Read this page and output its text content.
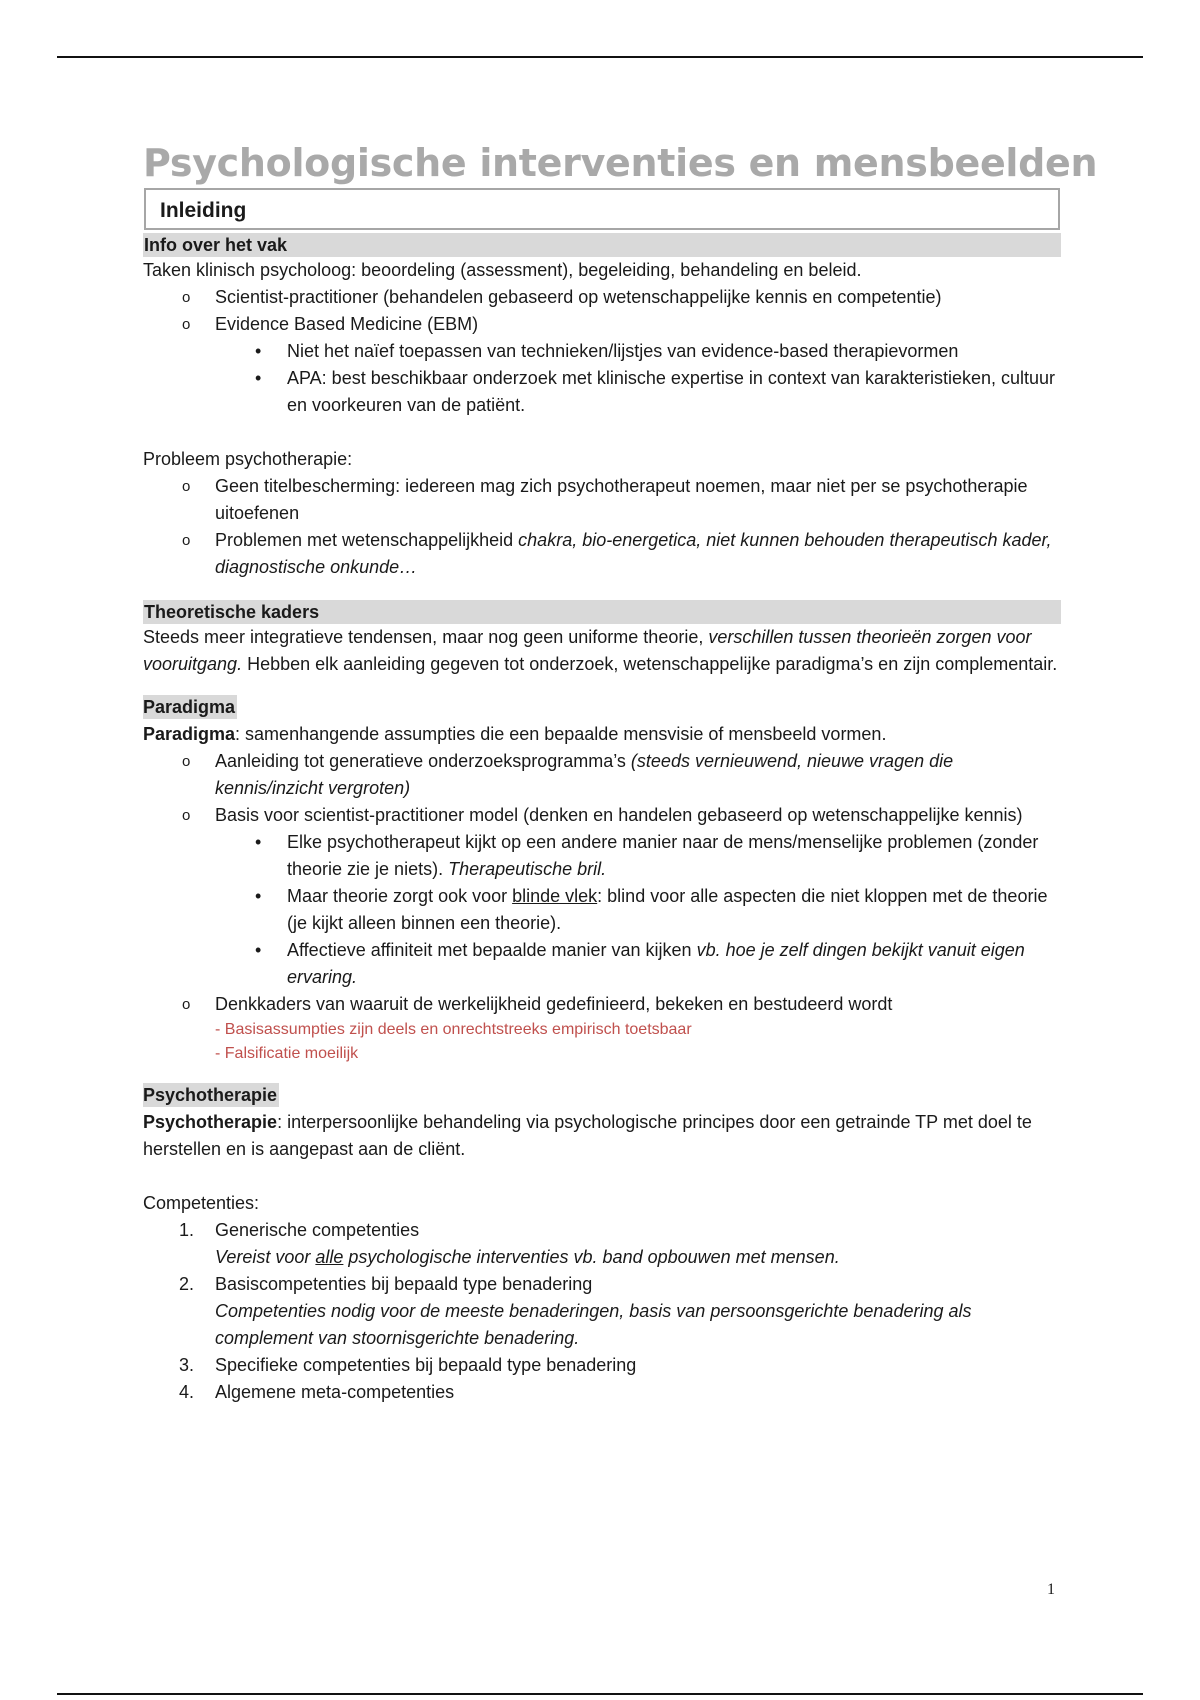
Psychologische interventies en mensbeelden
Inleiding
Info over het vak

Taken klinisch psycholoog: beoordeling (assessment), begeleiding, behandeling en beleid.

o Scientist-practitioner (behandelen gebaseerd op wetenschappelijke kennis en competentie)
o Evidence Based Medicine (EBM)
• Niet het naïef toepassen van technieken/lijstjes van evidence-based therapievormen
• APA: best beschikbaar onderzoek met klinische expertise in context van karakteristieken, cultuur en voorkeuren van de patiënt.

Probleem psychotherapie:

o Geen titelbescherming: iedereen mag zich psychotherapeut noemen, maar niet per se psychotherapie uitoefenen
o Problemen met wetenschappelijkheid chakra, bio-energetica, niet kunnen behouden therapeutisch kader, diagnostische onkunde…
Theoretische kaders

Steeds meer integratieve tendensen, maar nog geen uniforme theorie, verschillen tussen theorieën zorgen voor vooruitgang. Hebben elk aanleiding gegeven tot onderzoek, wetenschappelijke paradigma’s en zijn complementair.

Paradigma

Paradigma: samenhangende assumpties die een bepaalde mensvisie of mensbeeld vormen.

o Aanleiding tot generatieve onderzoeksprogramma’s (steeds vernieuwend, nieuwe vragen die kennis/inzicht vergroten)
o Basis voor scientist-practitioner model (denken en handelen gebaseerd op wetenschappelijke kennis)
• Elke psychotherapeut kijkt op een andere manier naar de mens/menselijke problemen (zonder theorie zie je niets). Therapeutische bril.
• Maar theorie zorgt ook voor blinde vlek: blind voor alle aspecten die niet kloppen met de theorie (je kijkt alleen binnen een theorie).
• Affectieve affiniteit met bepaalde manier van kijken vb. hoe je zelf dingen bekijkt vanuit eigen ervaring.
o Denkkaders van waaruit de werkelijkheid gedefinieerd, bekeken en bestudeerd wordt
- Basisassumpties zijn deels en onrechtstreeks empirisch toetsbaar
- Falsificatie moeilijk
Psychotherapie

Psychotherapie: interpersoonlijke behandeling via psychologische principes door een getrainde TP met doel te herstellen en is aangepast aan de cliënt.

Competenties:

1. Generische competenties
Vereist voor alle psychologische interventies vb. band opbouwen met mensen.
2. Basiscompetenties bij bepaald type benadering
Competenties nodig voor de meeste benaderingen, basis van persoonsgerichte benadering als complement van stoornisgerichte benadering.
3. Specifieke competenties bij bepaald type benadering
4. Algemene meta-competenties
1
